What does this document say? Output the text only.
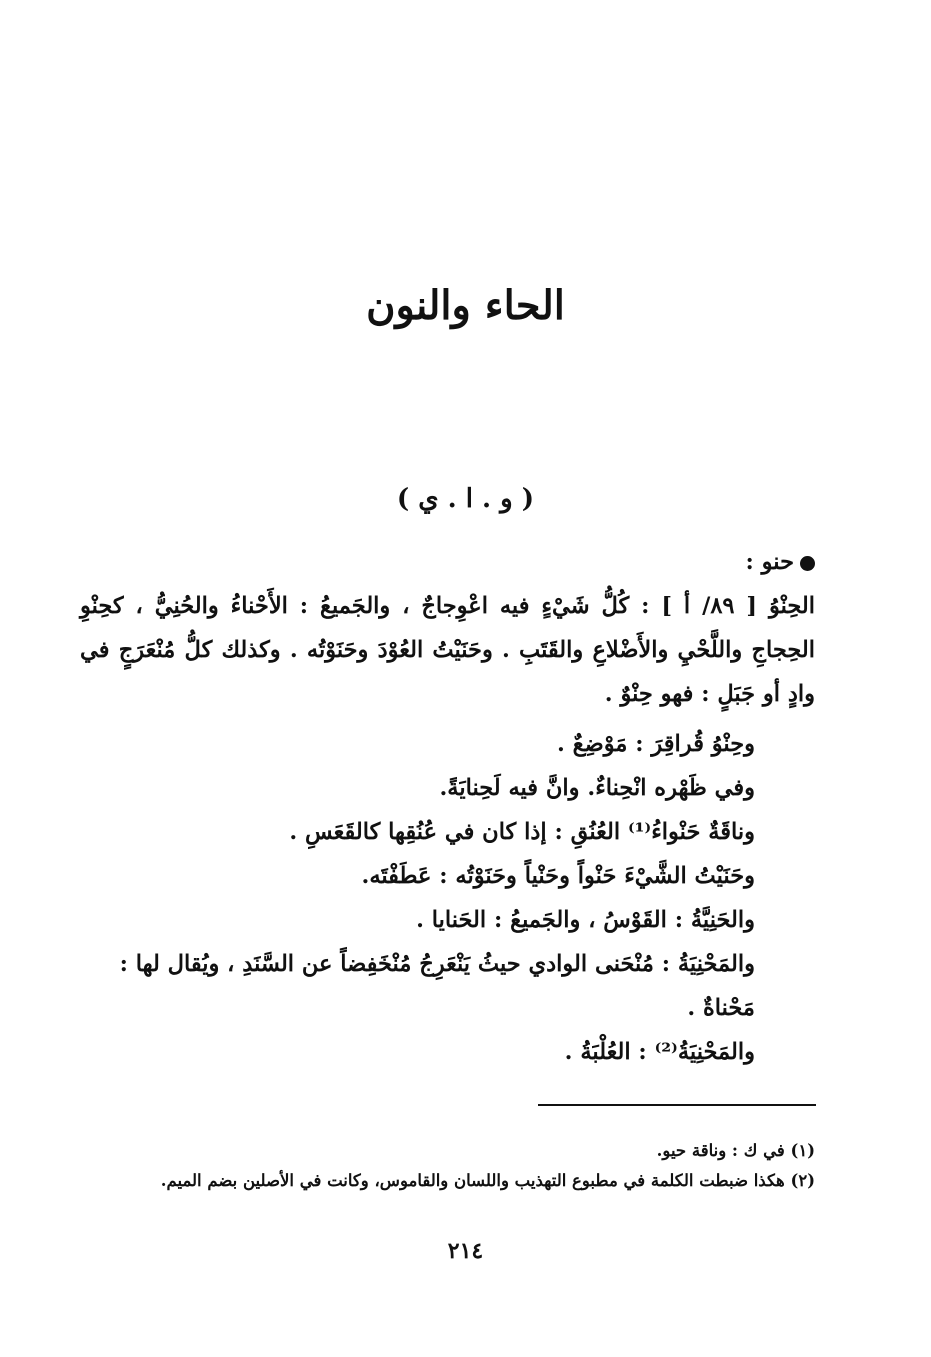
الحاء والنون
( و . ا . ي )

حنو :

الحِنْوُ [ ٨٩/ أ ] : كُلُّ شَيْءٍ فيه اعْوِجاجٌ ، والجَميعُ : الأَحْناءُ والحُنِيُّ ، كحِنْوِ الحِجاجِ واللَّحْيِ والأَضْلاعِ والقَتَبِ . وحَنَيْتُ العُوْدَ وحَنَوْتُه . وكذلك كلُّ مُنْعَرَجٍ في وادٍ أو جَبَلٍ : فهو حِنْوٌ .

وحِنْوُ قُراقِرَ : مَوْضِعٌ .

وفي ظَهْره انْحِناءٌ. وانَّ فيه لَحِنايَةً.

وناقَةٌ حَنْواءُ⁽¹⁾ العُنُقِ : إذا كان في عُنُقِها كالقَعَسِ .

وحَنَيْتُ الشَّيْءَ حَنْواً وحَنْياً وحَنَوْتُه : عَطَفْتَه.

والحَنِيَّةُ : القَوْسُ ، والجَميعُ : الحَنايا .

والمَحْنِيَةُ : مُنْحَنى الوادي حيثُ يَنْعَرِجُ مُنْخَفِضاً عن السَّنَدِ ، ويُقال لها : مَحْناةٌ .

والمَحْنِيَةُ⁽²⁾ : العُلْبَةُ .

(١) في ك : وناقة حيو.

(٢) هكذا ضبطت الكلمة في مطبوع التهذيب واللسان والقاموس، وكانت في الأصلين بضم الميم.

٢١٤
